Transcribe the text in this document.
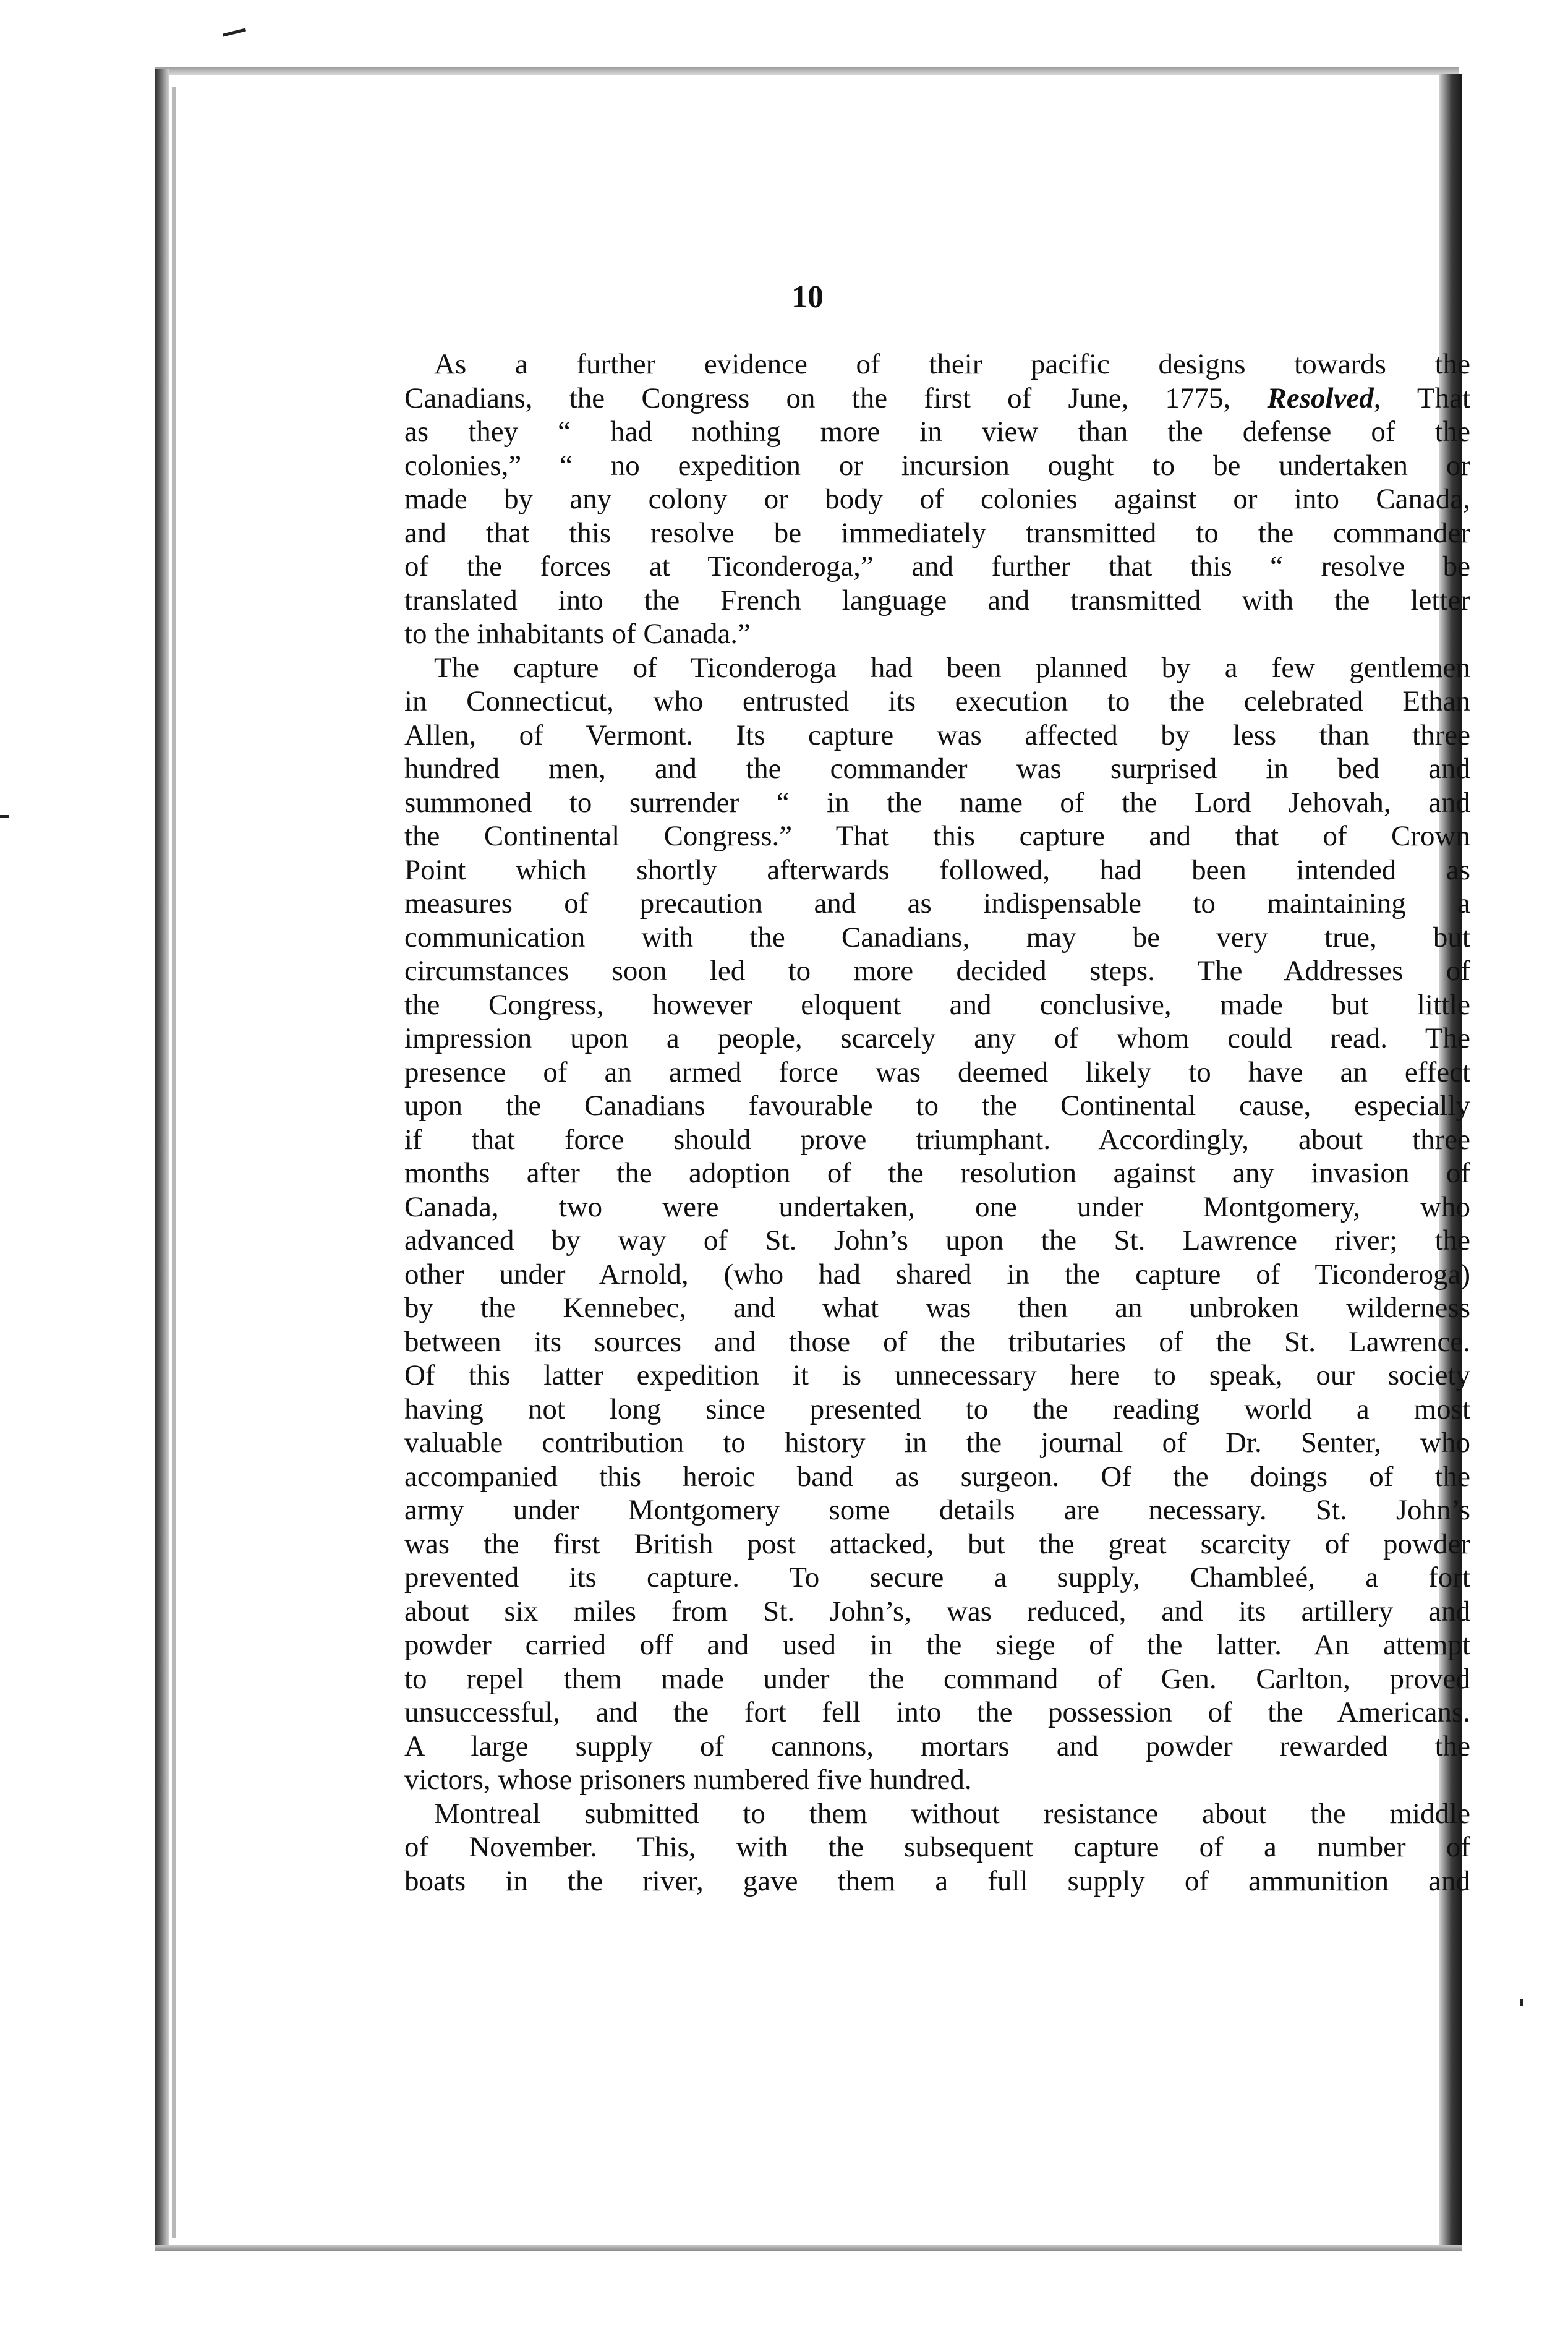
10
As a further evidence of their pacific designs towards the
Canadians, the Congress on the first of June, 1775, Resolved, That
as they “ had nothing more in view than the defense of the
colonies,” “ no expedition or incursion ought to be undertaken or
made by any colony or body of colonies against or into Canada,
and that this resolve be immediately transmitted to the commander
of the forces at Ticonderoga,” and further that this “ resolve be
translated into the French language and transmitted with the letter
to the inhabitants of Canada.”
The capture of Ticonderoga had been planned by a few gentlemen
in Connecticut, who entrusted its execution to the celebrated Ethan
Allen, of Vermont. Its capture was affected by less than three
hundred men, and the commander was surprised in bed and
summoned to surrender “ in the name of the Lord Jehovah, and
the Continental Congress.” That this capture and that of Crown
Point which shortly afterwards followed, had been intended as
measures of precaution and as indispensable to maintaining a
communication with the Canadians, may be very true, but
circumstances soon led to more decided steps. The Addresses of
the Congress, however eloquent and conclusive, made but little
impression upon a people, scarcely any of whom could read. The
presence of an armed force was deemed likely to have an effect
upon the Canadians favourable to the Continental cause, especially
if that force should prove triumphant. Accordingly, about three
months after the adoption of the resolution against any invasion of
Canada, two were undertaken, one under Montgomery, who
advanced by way of St. John’s upon the St. Lawrence river; the
other under Arnold, (who had shared in the capture of Ticonderoga)
by the Kennebec, and what was then an unbroken wilderness
between its sources and those of the tributaries of the St. Lawrence.
Of this latter expedition it is unnecessary here to speak, our society
having not long since presented to the reading world a most
valuable contribution to history in the journal of Dr. Senter, who
accompanied this heroic band as surgeon. Of the doings of the
army under Montgomery some details are necessary. St. John’s
was the first British post attacked, but the great scarcity of powder
prevented its capture. To secure a supply, Chambleé, a fort
about six miles from St. John’s, was reduced, and its artillery and
powder carried off and used in the siege of the latter. An attempt
to repel them made under the command of Gen. Carlton, proved
unsuccessful, and the fort fell into the possession of the Americans.
A large supply of cannons, mortars and powder rewarded the
victors, whose prisoners numbered five hundred.
Montreal submitted to them without resistance about the middle
of November. This, with the subsequent capture of a number of
boats in the river, gave them a full supply of ammunition and
